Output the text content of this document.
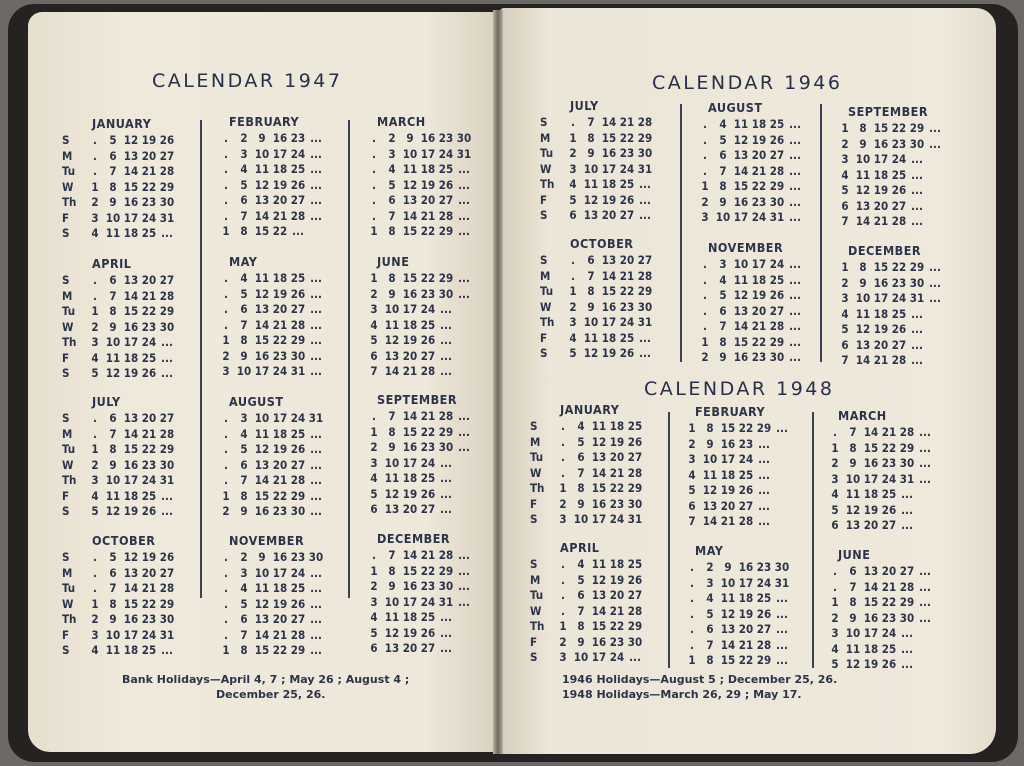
CALENDAR 1947
JANUARY
S	.	5 12 19 26
M	.	6 13 20 27
Tu	.	7 14 21 28
W	1 8 15 22 29
Th	2 9 16 23 30
F	3 10 17 24 31
S	4 11 18 25 ...
FEBRUARY
.	2 9 16 23 ...
.	3 10 17 24 ...
.	4 11 18 25 ...
.	5 12 19 26 ...
.	6 13 20 27 ...
.	7 14 21 28 ...
1 8 15 22 ...
MARCH
.	2 9 16 23 30
.	3 10 17 24 31
.	4 11 18 25 ...
.	5 12 19 26 ...
.	6 13 20 27 ...
.	7 14 21 28 ...
1 8 15 22 29 ...
APRIL
S	.	6 13 20 27
M	.	7 14 21 28
Tu	1 8 15 22 29
W	2 9 16 23 30
Th	3 10 17 24 ...
F	4 11 18 25 ...
S	5 12 19 26 ...
MAY
.	4 11 18 25 ...
.	5 12 19 26 ...
.	6 13 20 27 ...
.	7 14 21 28 ...
1 8 15 22 29 ...
2 9 16 23 30 ...
3 10 17 24 31 ...
JUNE
1 8 15 22 29 ...
2 9 16 23 30 ...
3 10 17 24 ...
4 11 18 25 ...
5 12 19 26 ...
6 13 20 27 ...
7 14 21 28 ...
JULY
S	.	6 13 20 27
M	.	7 14 21 28
Tu	1 8 15 22 29
W	2 9 16 23 30
Th	3 10 17 24 31
F	4 11 18 25 ...
S	5 12 19 26 ...
AUGUST
.	3 10 17 24 31
.	4 11 18 25 ...
.	5 12 19 26 ...
.	6 13 20 27 ...
.	7 14 21 28 ...
1 8 15 22 29 ...
2 9 16 23 30 ...
SEPTEMBER
.	7 14 21 28 ...
1 8 15 22 29 ...
2 9 16 23 30 ...
3 10 17 24 ...
4 11 18 25 ...
5 12 19 26 ...
6 13 20 27 ...
OCTOBER
S	.	5 12 19 26
M	.	6 13 20 27
Tu	.	7 14 21 28
W	1 8 15 22 29
Th	2 9 16 23 30
F	3 10 17 24 31
S	4 11 18 25 ...
NOVEMBER
.	2 9 16 23 30
.	3 10 17 24 ...
.	4 11 18 25 ...
.	5 12 19 26 ...
.	6 13 20 27 ...
.	7 14 21 28 ...
1 8 15 22 29 ...
DECEMBER
.	7 14 21 28 ...
1 8 15 22 29 ...
2 9 16 23 30 ...
3 10 17 24 31 ...
4 11 18 25 ...
5 12 19 26 ...
6 13 20 27 ...
Bank Holidays—April 4, 7 ; May 26 ; August 4 ;
December 25, 26.
CALENDAR 1946
JULY
S	.	7 14 21 28
M	1 8 15 22 29
Tu	2 9 16 23 30
W	3 10 17 24 31
Th	4 11 18 25 ...
F	5 12 19 26 ...
S	6 13 20 27 ...
AUGUST
.	4 11 18 25 ...
.	5 12 19 26 ...
.	6 13 20 27 ...
.	7 14 21 28 ...
1 8 15 22 29 ...
2 9 16 23 30 ...
3 10 17 24 31 ...
SEPTEMBER
1 8 15 22 29 ...
2 9 16 23 30 ...
3 10 17 24 ...
4 11 18 25 ...
5 12 19 26 ...
6 13 20 27 ...
7 14 21 28 ...
OCTOBER
S	.	6 13 20 27
M	.	7 14 21 28
Tu	1 8 15 22 29
W	2 9 16 23 30
Th	3 10 17 24 31
F	4 11 18 25 ...
S	5 12 19 26 ...
NOVEMBER
.	3 10 17 24 ...
.	4 11 18 25 ...
.	5 12 19 26 ...
.	6 13 20 27 ...
.	7 14 21 28 ...
1 8 15 22 29 ...
2 9 16 23 30 ...
DECEMBER
1 8 15 22 29 ...
2 9 16 23 30 ...
3 10 17 24 31 ...
4 11 18 25 ...
5 12 19 26 ...
6 13 20 27 ...
7 14 21 28 ...
CALENDAR 1948
JANUARY
S	.	4 11 18 25
M	.	5 12 19 26
Tu	.	6 13 20 27
W	.	7 14 21 28
Th	1 8 15 22 29
F	2 9 16 23 30
S	3 10 17 24 31
FEBRUARY
1 8 15 22 29 ...
2 9 16 23 ...
3 10 17 24 ...
4 11 18 25 ...
5 12 19 26 ...
6 13 20 27 ...
7 14 21 28 ...
MARCH
.	7 14 21 28 ...
1 8 15 22 29 ...
2 9 16 23 30 ...
3 10 17 24 31 ...
4 11 18 25 ...
5 12 19 26 ...
6 13 20 27 ...
APRIL
S	.	4 11 18 25
M	.	5 12 19 26
Tu	.	6 13 20 27
W	.	7 14 21 28
Th	1 8 15 22 29
F	2 9 16 23 30
S	3 10 17 24 ...
MAY
.	2 9 16 23 30
.	3 10 17 24 31
.	4 11 18 25 ...
.	5 12 19 26 ...
.	6 13 20 27 ...
.	7 14 21 28 ...
1 8 15 22 29 ...
JUNE
.	6 13 20 27 ...
.	7 14 21 28 ...
1 8 15 22 29 ...
2 9 16 23 30 ...
3 10 17 24 ...
4 11 18 25 ...
5 12 19 26 ...
1946 Holidays—August 5 ; December 25, 26.
1948 Holidays—March 26, 29 ; May 17.
